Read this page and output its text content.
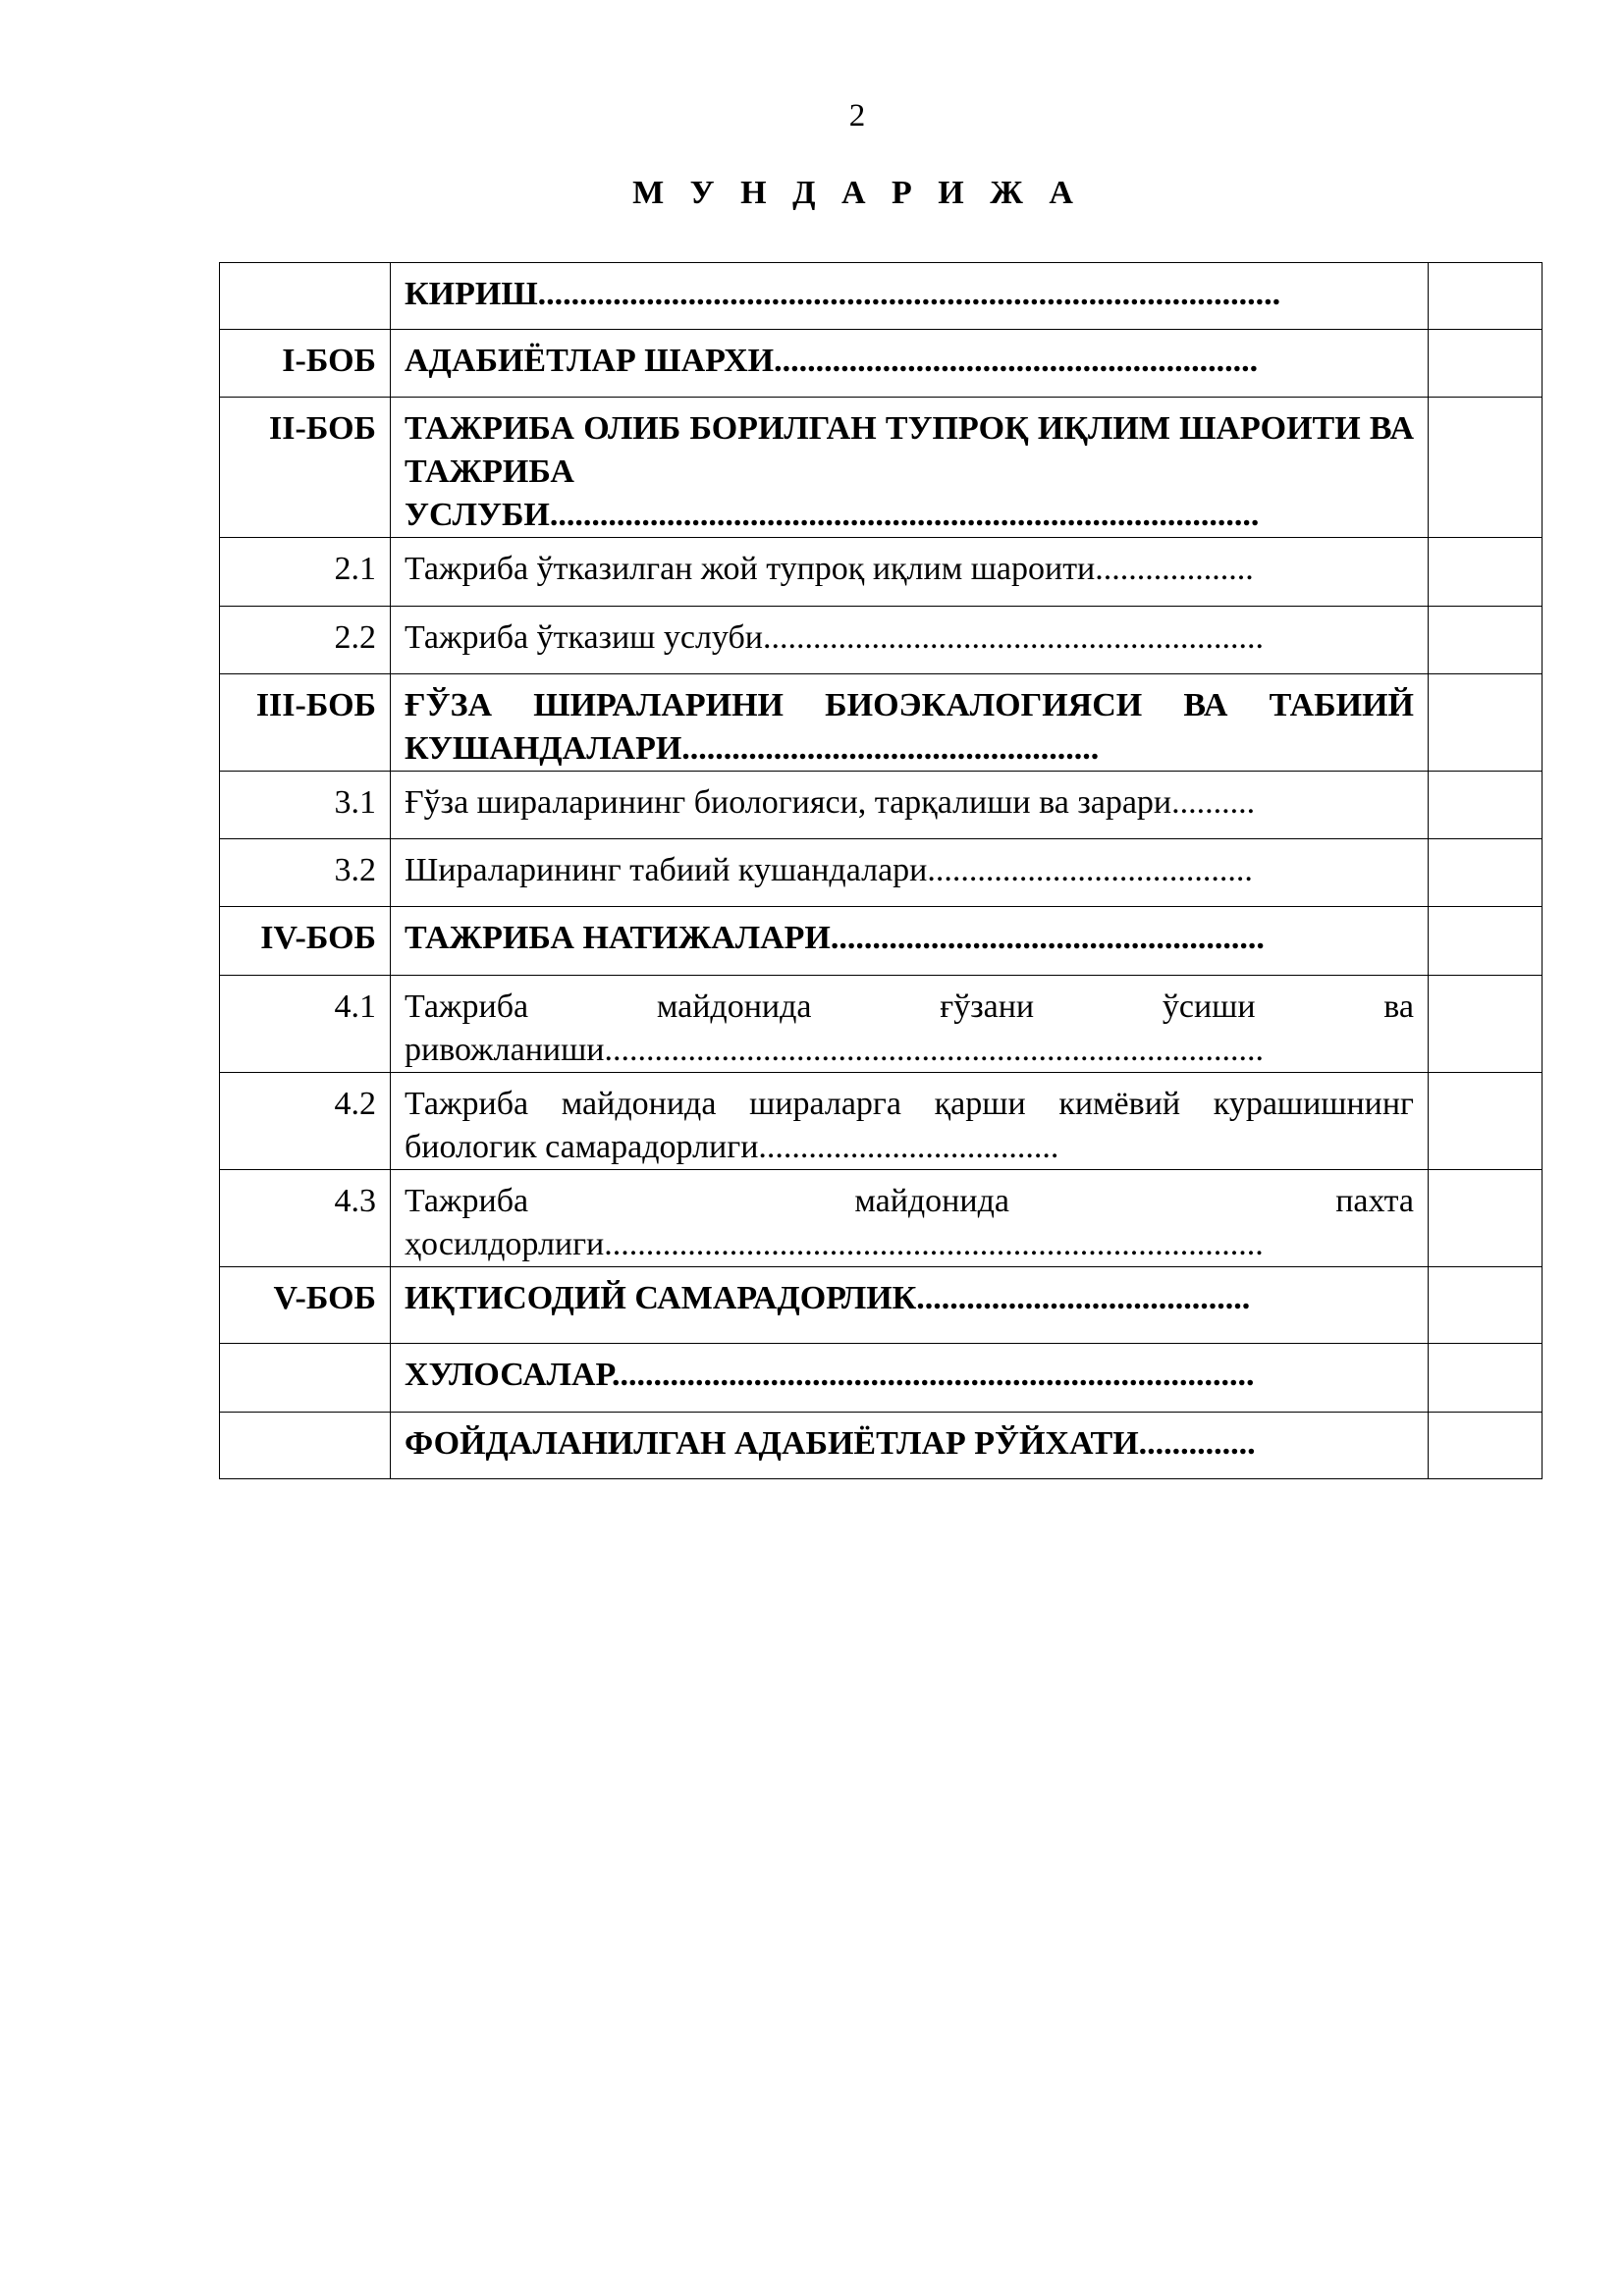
2
М У Н Д А Р И Ж А

	КИРИШ.........................................................................................	

I-БОБ	АДАБИЁТЛАР ШАРХИ..........................................................	

II-БОБ	ТАЖРИБА ОЛИБ БОРИЛГАН ТУПРОҚ ИҚЛИМ ШАРОИТИ ВА ТАЖРИБА УСЛУБИ.....................................................................................	

2.1	Тажриба ўтказилган жой тупроқ иқлим шароити...................	

2.2	Тажриба ўтказиш услуби............................................................	

III-БОБ	ҒЎЗА ШИРАЛАРИНИ БИОЭКАЛОГИЯСИ ВА ТАБИИЙ КУШАНДАЛАРИ..................................................	

3.1	Ғўза шираларининг биологияси, тарқалиши ва зарари..........	

3.2	Шираларининг табиий кушандалари.......................................	

IV-БОБ	ТАЖРИБА НАТИЖАЛАРИ....................................................	

4.1	Тажриба майдонида ғўзани ўсиши ва ривожланиши...............................................................................	

4.2	Тажриба майдонида шираларга қарши кимёвий курашишнинг биологик самарадорлиги....................................	

4.3	Тажриба майдонида пахта ҳосилдорлиги...............................................................................	

V-БОБ	ИҚТИСОДИЙ САМАРАДОРЛИК........................................	

	ХУЛОСАЛАР.............................................................................	

	ФОЙДАЛАНИЛГАН АДАБИЁТЛАР РЎЙХАТИ..............	
